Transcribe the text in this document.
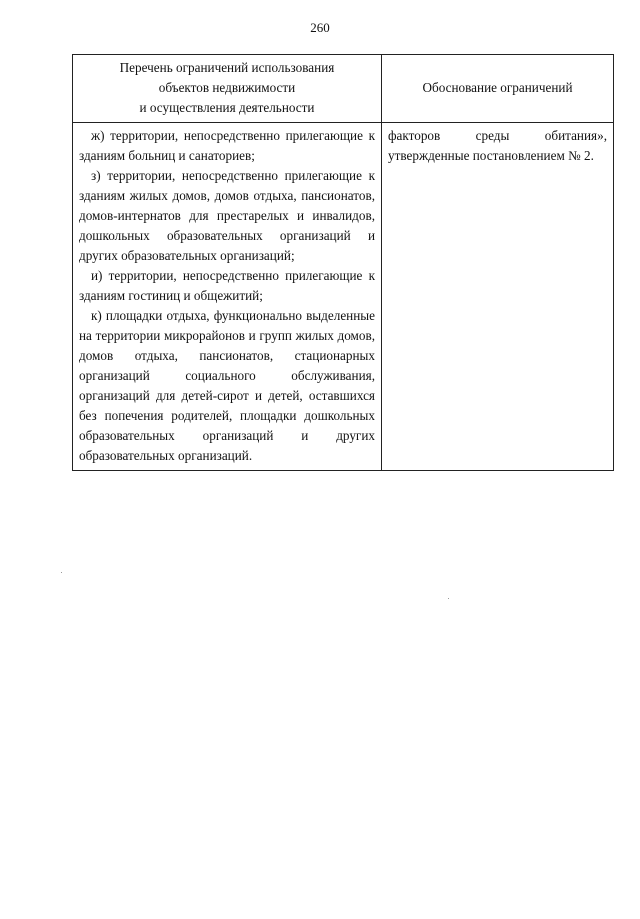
260
Перечень ограничений использования
объектов недвижимости
и осуществления деятельности	Обоснование ограничений

ж) территории, непосредственно прилегающие к зданиям больниц и санаториев;

з) территории, непосредственно прилегающие к зданиям жилых домов, домов отдыха, пансионатов, домов-интернатов для престарелых и инвалидов, дошкольных образовательных организаций и других образовательных организаций;

и) территории, непосредственно прилегающие к зданиям гостиниц и общежитий;

к) площадки отдыха, функционально выделенные на территории микрорайонов и групп жилых домов, домов отдыха, пансионатов, стационарных организаций социального обслуживания, организаций для детей-сирот и детей, оставшихся без попечения родителей, площадки дошкольных образовательных организаций и других образовательных организаций.	факторов среды обитания», утвержденные постановлением № 2.
